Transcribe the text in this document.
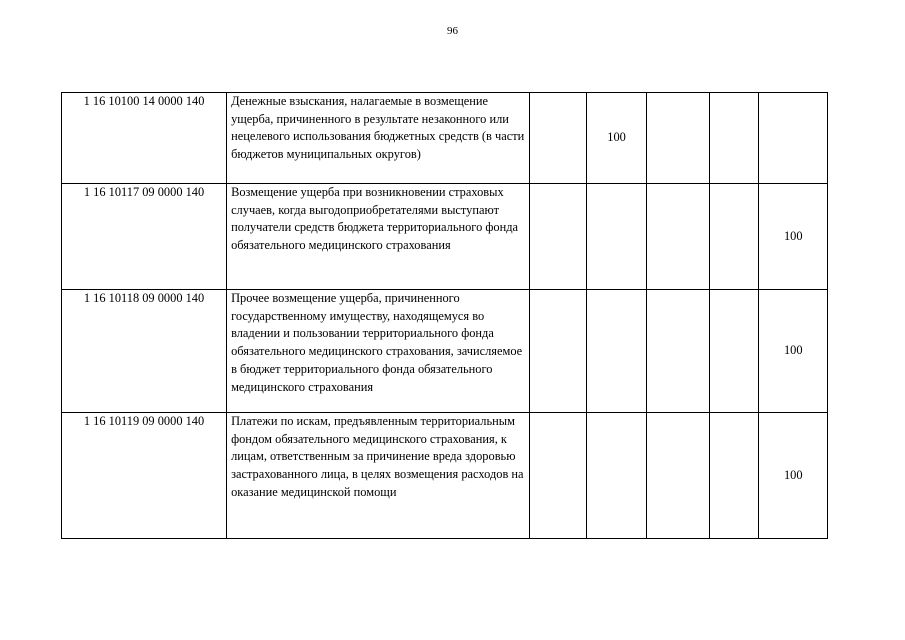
96
1 16 10100 14 0000 140	Денежные взыскания, налагаемые в возмещение ущерба, причиненного в результате незаконного или нецелевого использования бюджетных средств (в части бюджетов муниципальных округов)		100			

1 16 10117 09 0000 140	Возмещение ущерба при возникновении страховых случаев, когда выгодоприобретателями выступают получатели средств бюджета территориального фонда обязательного медицинского страхования					100

1 16 10118 09 0000 140	Прочее возмещение ущерба, причиненного государственному имуществу, находящемуся во владении и пользовании территориального фонда обязательного медицинского страхования, зачисляемое в бюджет территориального фонда обязательного медицинского страхования					100

1 16 10119 09 0000 140	Платежи по искам, предъявленным территориальным фондом обязательного медицинского страхования, к лицам, ответственным за причинение вреда здоровью застрахованного лица, в целях возмещения расходов на оказание медицинской помощи					100
